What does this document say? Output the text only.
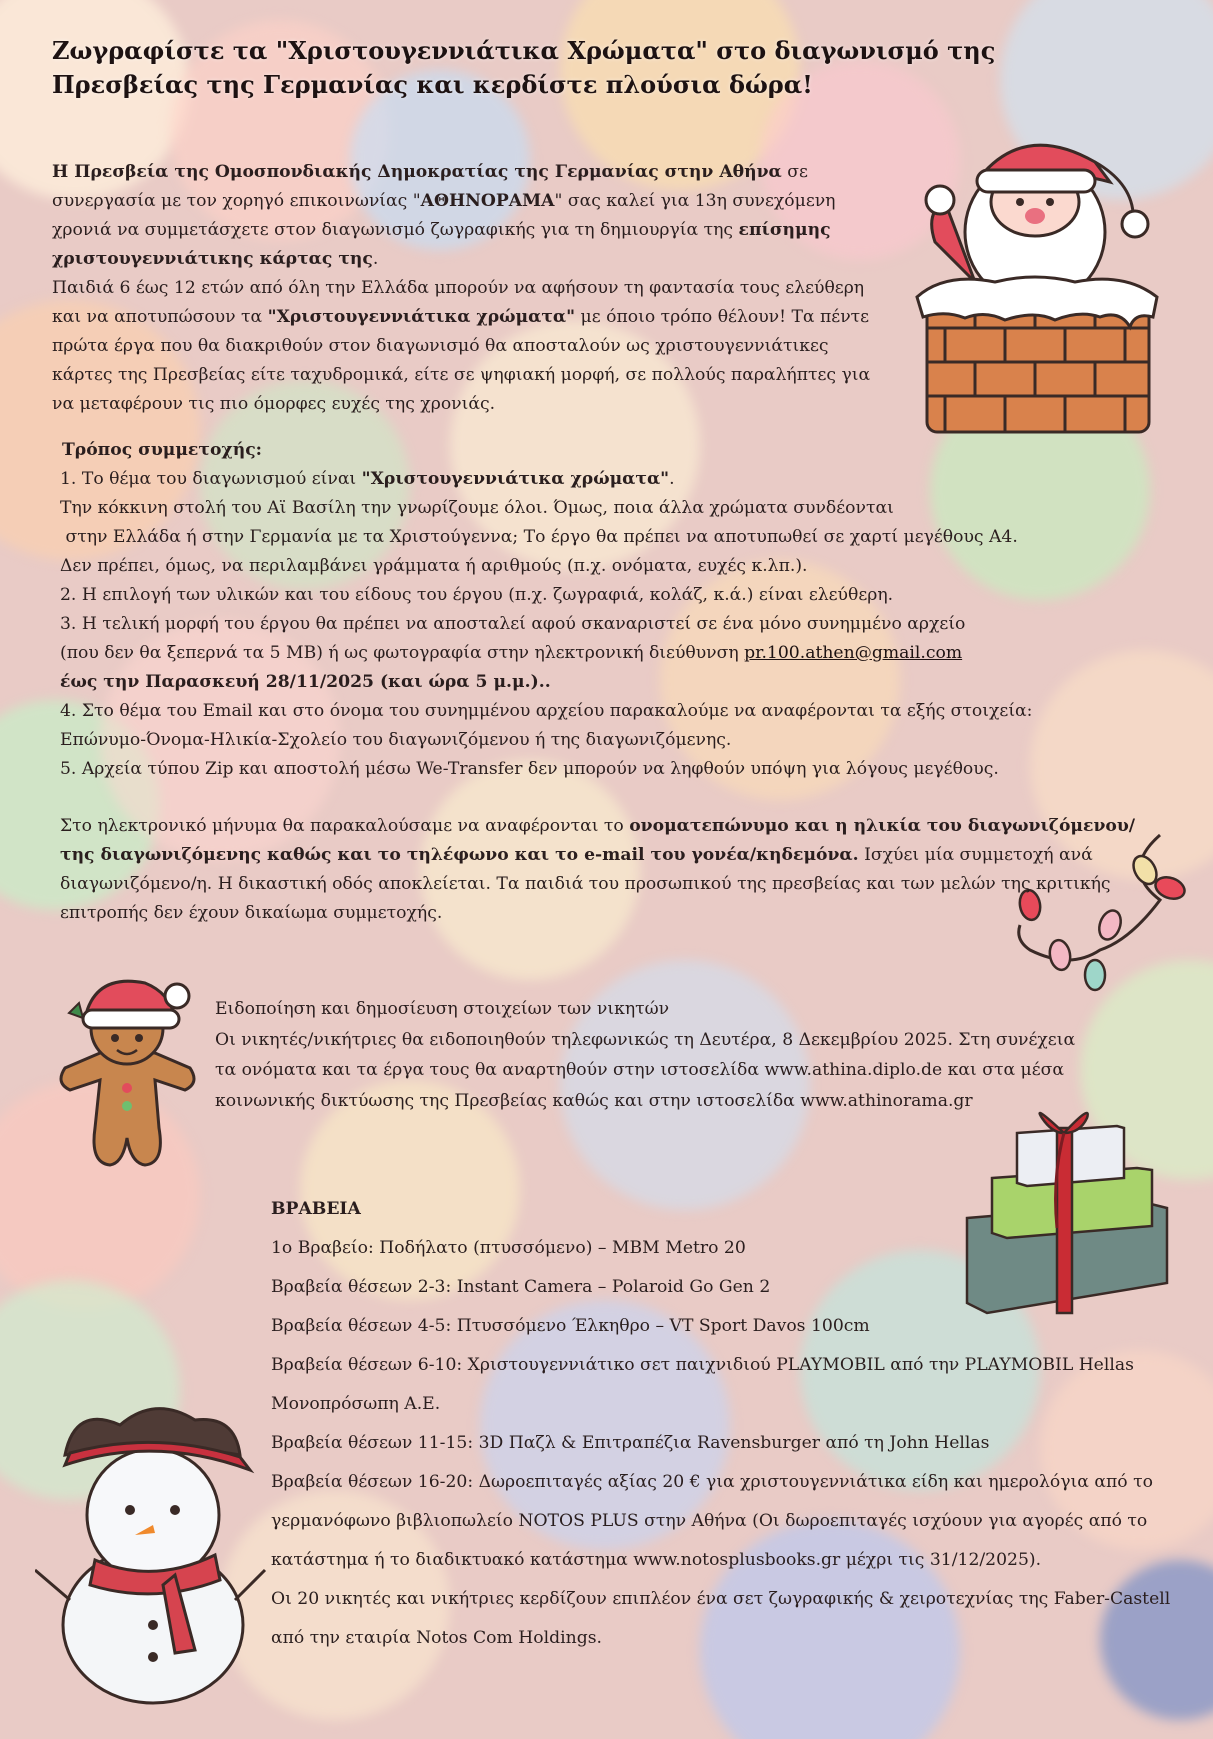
Ζωγραφίστε τα "Χριστουγεννιάτικα Χρώματα" στο διαγωνισμό της
Πρεσβείας της Γερμανίας και κερδίστε πλούσια δώρα!

Η Πρεσβεία της Ομοσπονδιακής Δημοκρατίας της Γερμανίας στην Αθήνα σε συνεργασία με τον χορηγό επικοινωνίας "ΑΘΗΝΟΡΑΜΑ" σας καλεί για 13η συνεχόμενη χρονιά να συμμετάσχετε στον διαγωνισμό ζωγραφικής για τη δημιουργία της επίσημης χριστουγεννιάτικης κάρτας της.

Παιδιά 6 έως 12 ετών από όλη την Ελλάδα μπορούν να αφήσουν τη φαντασία τους ελεύθερη και να αποτυπώσουν τα "Χριστουγεννιάτικα χρώματα" με όποιο τρόπο θέλουν! Τα πέντε πρώτα έργα που θα διακριθούν στον διαγωνισμό θα αποσταλούν ως χριστουγεννιάτικες κάρτες της Πρεσβείας είτε ταχυδρομικά, είτε σε ψηφιακή μορφή, σε πολλούς παραλήπτες για να μεταφέρουν τις πιο όμορφες ευχές της χρονιάς.

Τρόπος συμμετοχής:

1. Το θέμα του διαγωνισμού είναι "Χριστουγεννιάτικα χρώματα".

Την κόκκινη στολή του Αϊ Βασίλη την γνωρίζουμε όλοι. Όμως, ποια άλλα χρώματα συνδέονται

στην Ελλάδα ή στην Γερμανία με τα Χριστούγεννα; Το έργο θα πρέπει να αποτυπωθεί σε χαρτί μεγέθους Α4.

Δεν πρέπει, όμως, να περιλαμβάνει γράμματα ή αριθμούς (π.χ. ονόματα, ευχές κ.λπ.).

2. Η επιλογή των υλικών και του είδους του έργου (π.χ. ζωγραφιά, κολάζ, κ.ά.) είναι ελεύθερη.

3. Η τελική μορφή του έργου θα πρέπει να αποσταλεί αφού σκαναριστεί σε ένα μόνο συνημμένο αρχείο

(που δεν θα ξεπερνά τα 5 MB) ή ως φωτογραφία στην ηλεκτρονική διεύθυνση pr.100.athen@gmail.com

έως την Παρασκευή 28/11/2025 (και ώρα 5 μ.μ.)..

4. Στο θέμα του Email και στο όνομα του συνημμένου αρχείου παρακαλούμε να αναφέρονται τα εξής στοιχεία:

Επώνυμο-Όνομα-Ηλικία-Σχολείο του διαγωνιζόμενου ή της διαγωνιζόμενης.

5. Αρχεία τύπου Zip και αποστολή μέσω We-Transfer δεν μπορούν να ληφθούν υπόψη για λόγους μεγέθους.

Στο ηλεκτρονικό μήνυμα θα παρακαλούσαμε να αναφέρονται το ονοματεπώνυμο και η ηλικία του διαγωνιζόμενου/της διαγωνιζόμενης καθώς και το τηλέφωνο και το e-mail του γονέα/κηδεμόνα. Ισχύει μία συμμετοχή ανά διαγωνιζόμενο/η. Η δικαστική οδός αποκλείεται. Τα παιδιά του προσωπικού της πρεσβείας και των μελών της κριτικής επιτροπής δεν έχουν δικαίωμα συμμετοχής.

Ειδοποίηση και δημοσίευση στοιχείων των νικητών

Οι νικητές/νικήτριες θα ειδοποιηθούν τηλεφωνικώς τη Δευτέρα, 8 Δεκεμβρίου 2025. Στη συνέχεια τα ονόματα και τα έργα τους θα αναρτηθούν στην ιστοσελίδα www.athina.diplo.de και στα μέσα κοινωνικής δικτύωσης της Πρεσβείας καθώς και στην ιστοσελίδα www.athinorama.gr

ΒΡΑΒΕΙΑ

1ο Βραβείο: Ποδήλατο (πτυσσόμενο) – MBM Metro 20

Βραβεία θέσεων 2-3: Instant Camera – Polaroid Go Gen 2

Βραβεία θέσεων 4-5: Πτυσσόμενο Έλκηθρο – VT Sport Davos 100cm

Βραβεία θέσεων 6-10: Χριστουγεννιάτικο σετ παιχνιδιού PLAYMOBIL από την PLAYMOBIL Hellas Μονοπρόσωπη Α.Ε.

Βραβεία θέσεων 11-15: 3D Παζλ & Επιτραπέζια Ravensburger από τη John Hellas

Βραβεία θέσεων 16-20: Δωροεπιταγές αξίας 20 € για χριστουγεννιάτικα είδη και ημερολόγια από το γερμανόφωνο βιβλιοπωλείο NOTOS PLUS στην Αθήνα (Οι δωροεπιταγές ισχύουν για αγορές από το κατάστημα ή το διαδικτυακό κατάστημα www.notosplusbooks.gr μέχρι τις 31/12/2025).

Οι 20 νικητές και νικήτριες κερδίζουν επιπλέον ένα σετ ζωγραφικής & χειροτεχνίας της Faber-Castell από την εταιρία Notos Com Holdings.
